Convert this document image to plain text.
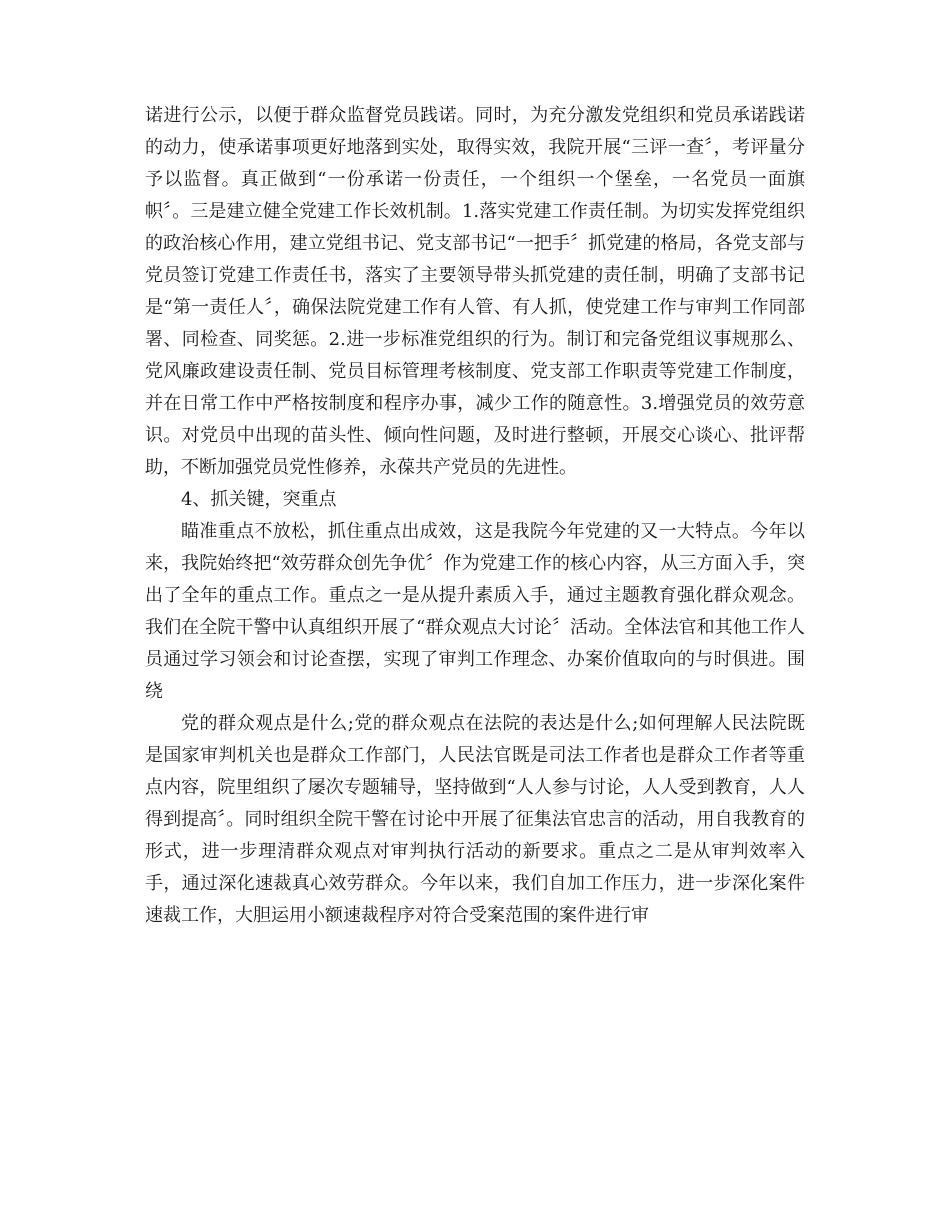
诺进行公示，以便于群众监督党员践诺。同时，为充分激发党组织和党员承诺践诺的动力，使承诺事项更好地落到实处，取得实效，我院开展“三评一查〞，考评量分予以监督。真正做到“一份承诺一份责任，一个组织一个堡垒，一名党员一面旗帜〞。三是建立健全党建工作长效机制。1.落实党建工作责任制。为切实发挥党组织的政治核心作用，建立党组书记、党支部书记“一把手〞抓党建的格局，各党支部与党员签订党建工作责任书，落实了主要领导带头抓党建的责任制，明确了支部书记是“第一责任人〞，确保法院党建工作有人管、有人抓，使党建工作与审判工作同部署、同检查、同奖惩。2.进一步标准党组织的行为。制订和完备党组议事规那么、党风廉政建设责任制、党员目标管理考核制度、党支部工作职责等党建工作制度，并在日常工作中严格按制度和程序办事，减少工作的随意性。3.增强党员的效劳意识。对党员中出现的苗头性、倾向性问题，及时进行整顿，开展交心谈心、批评帮助，不断加强党员党性修养，永葆共产党员的先进性。

4、抓关键，突重点

瞄准重点不放松，抓住重点出成效，这是我院今年党建的又一大特点。今年以来，我院始终把“效劳群众创先争优〞作为党建工作的核心内容，从三方面入手，突出了全年的重点工作。重点之一是从提升素质入手，通过主题教育强化群众观念。我们在全院干警中认真组织开展了“群众观点大讨论〞活动。全体法官和其他工作人员通过学习领会和讨论查摆，实现了审判工作理念、办案价值取向的与时俱进。围绕

党的群众观点是什么;党的群众观点在法院的表达是什么;如何理解人民法院既是国家审判机关也是群众工作部门，人民法官既是司法工作者也是群众工作者等重点内容，院里组织了屡次专题辅导，坚持做到“人人参与讨论，人人受到教育，人人得到提高〞。同时组织全院干警在讨论中开展了征集法官忠言的活动，用自我教育的形式，进一步理清群众观点对审判执行活动的新要求。重点之二是从审判效率入手，通过深化速裁真心效劳群众。今年以来，我们自加工作压力，进一步深化案件速裁工作，大胆运用小额速裁程序对符合受案范围的案件进行审
